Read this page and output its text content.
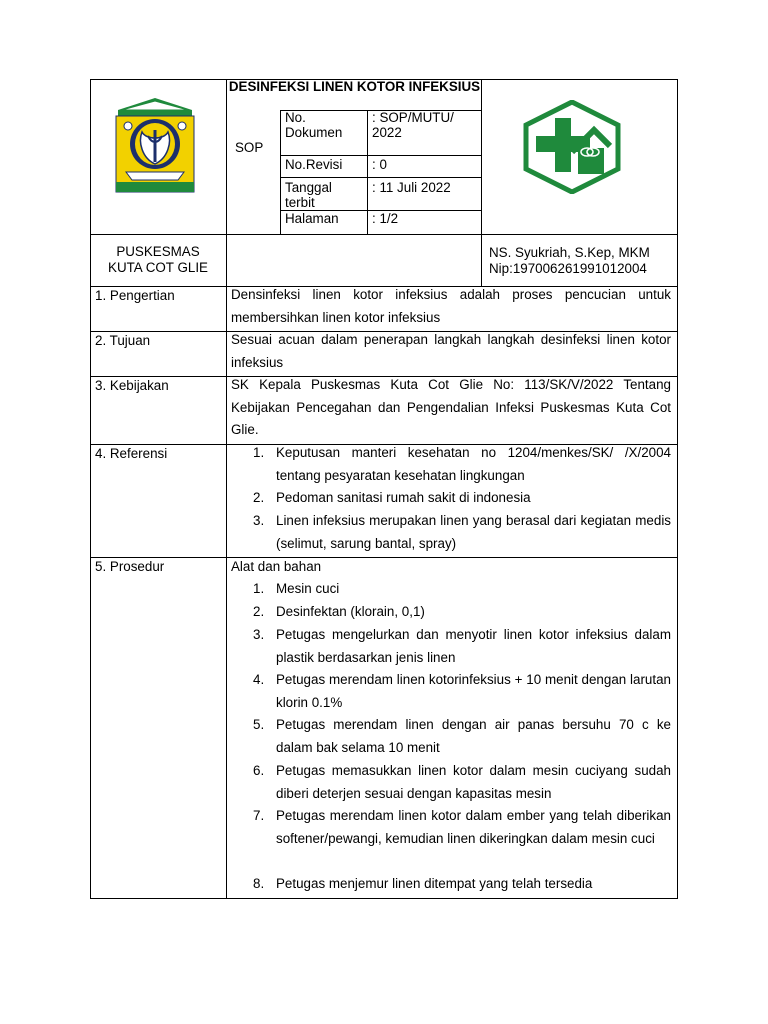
DESINFEKSI LINEN KOTOR INFEKSIUS
SOP
No. Dokumen
: SOP/MUTU/ 2022
No.Revisi : 0
Tanggal terbit
: 11 Juli 2022
Halaman : 1/2
PUSKESMAS
KUTA COT GLIE
NS. Syukriah, S.Kep, MKM
Nip:197006261991012004
1. Pengertian
2. Tujuan
3. Kebijakan
4. Referensi
5. Prosedur
Densinfeksi linen kotor infeksius adalah proses pencucian untuk membersihkan linen kotor infeksius
Sesuai acuan dalam penerapan langkah langkah desinfeksi linen kotor infeksius
SK Kepala Puskesmas Kuta Cot Glie No: 113/SK/V/2022 Tentang Kebijakan Pencegahan dan Pengendalian Infeksi Puskesmas Kuta Cot Glie.
1. Keputusan manteri kesehatan no 1204/menkes/SK/ /X/2004 tentang pesyaratan kesehatan lingkungan
2. Pedoman sanitasi rumah sakit di indonesia
3. Linen infeksius merupakan linen yang berasal dari kegiatan medis (selimut, sarung bantal, spray)
Alat dan bahan
1. Mesin cuci
2. Desinfektan (klorain, 0,1)
3. Petugas mengelurkan dan menyotir linen kotor infeksius dalam plastik berdasarkan jenis linen
4. Petugas merendam linen kotorinfeksius + 10 menit dengan larutan klorin 0.1%
5. Petugas merendam linen dengan air panas bersuhu 70 c ke dalam bak selama 10 menit
6. Petugas memasukkan linen kotor dalam mesin cuciyang sudah diberi deterjen sesuai dengan kapasitas mesin
7. Petugas merendam linen kotor dalam ember yang telah diberikan softener/pewangi, kemudian linen dikeringkan dalam mesin cuci
8. Petugas menjemur linen ditempat yang telah tersedia
